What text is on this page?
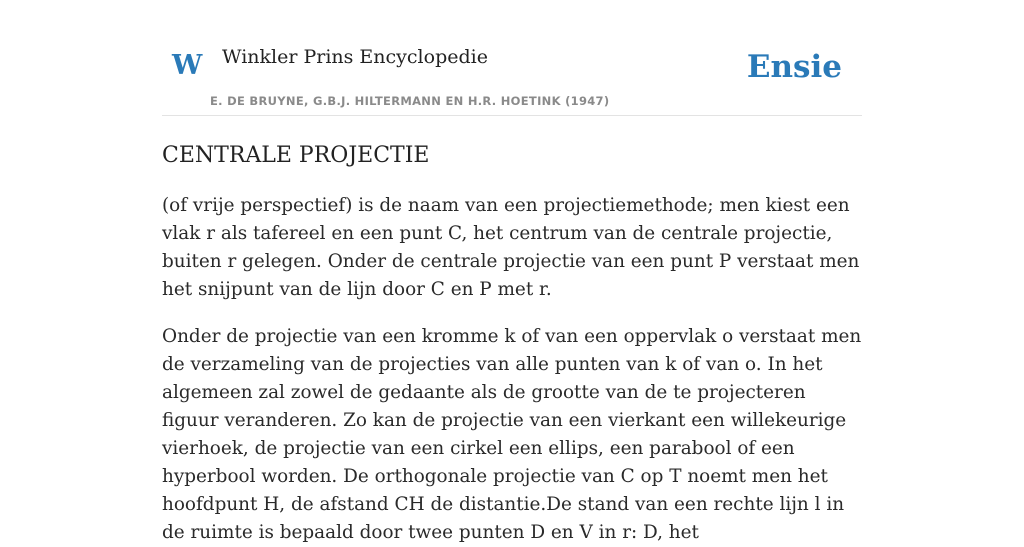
W Winkler Prins Encyclopedie
E. DE BRUYNE, G.B.J. HILTERMANN EN H.R. HOETINK (1947)
Ensie
CENTRALE PROJECTIE

(of vrije perspectief) is de naam van een projectiemethode; men kiest een vlak r als tafereel en een punt C, het centrum van de centrale projectie, buiten r gelegen. Onder de centrale projectie van een punt P verstaat men het snijpunt van de lijn door C en P met r.

Onder de projectie van een kromme k of van een oppervlak o verstaat men de verzameling van de projecties van alle punten van k of van o. In het algemeen zal zowel de gedaante als de grootte van de te projecteren figuur veranderen. Zo kan de projectie van een vierkant een willekeurige vierhoek, de projectie van een cirkel een ellips, een parabool of een hyperbool worden. De orthogonale projectie van C op T noemt men het hoofdpunt H, de afstand CH de distantie.De stand van een rechte lijn l in de ruimte is bepaald door twee punten D en V in r: D, het
